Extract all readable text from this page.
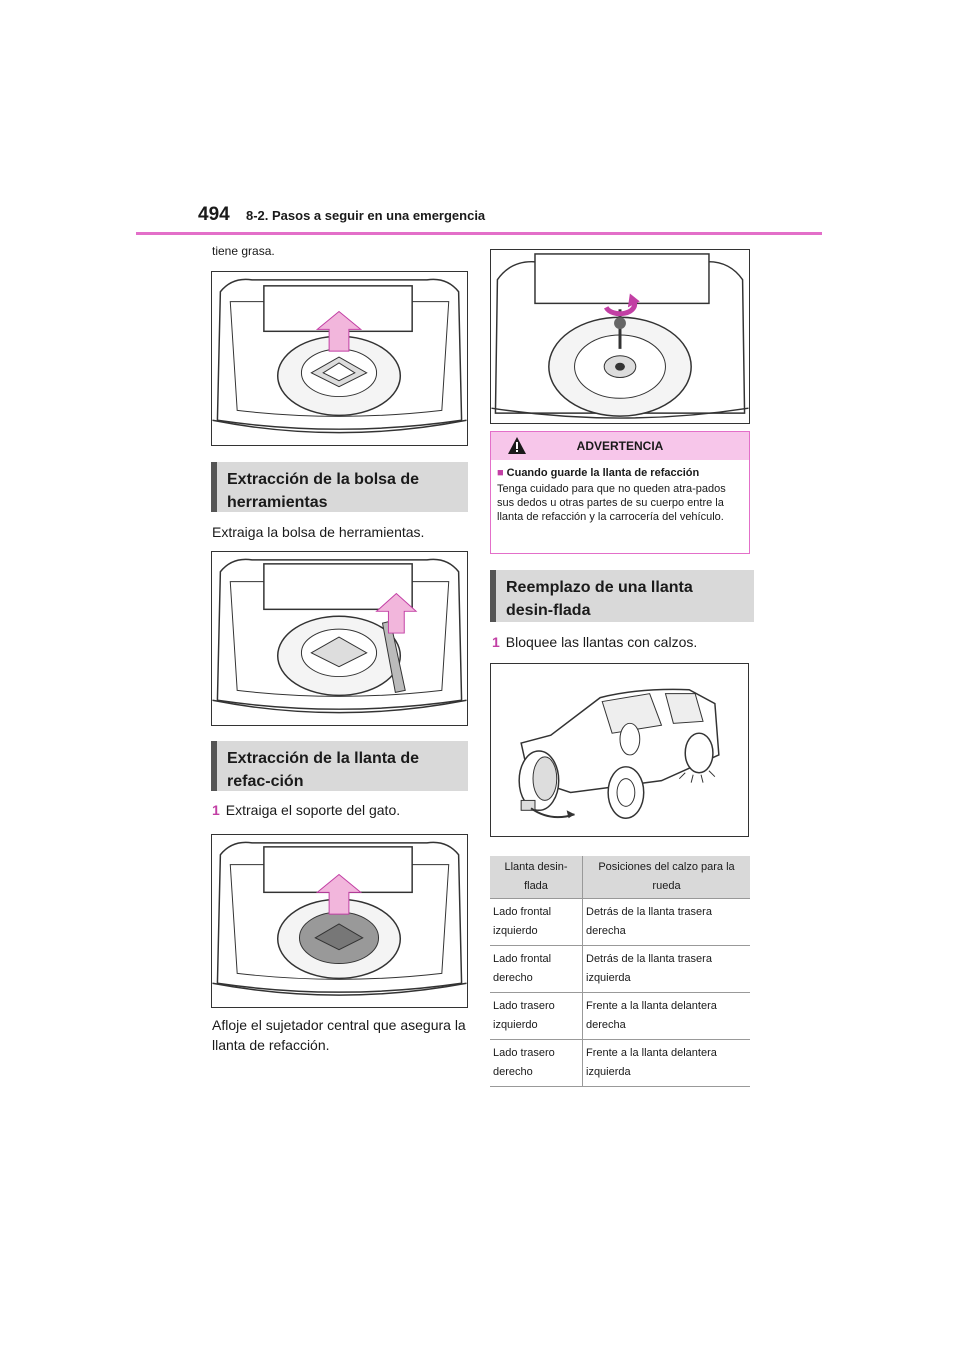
494 8-2. Pasos a seguir en una emergencia
tiene grasa.
Extracción de la bolsa de herramientas
Extraiga la bolsa de herramientas.
Extracción de la llanta de refac-ción
1 Extraiga el soporte del gato.
Afloje el sujetador central que asegura la llanta de refacción.
ADVERTENCIA
■ Cuando guarde la llanta de refacción
Tenga cuidado para que no queden atra-pados sus dedos u otras partes de su cuerpo entre la llanta de refacción y la carrocería del vehículo.
Reemplazo de una llanta desin-flada
1 Bloquee las llantas con calzos.
Llanta desin-flada	Posiciones del calzo para la rueda
Lado frontal izquierdo	Detrás de la llanta trasera derecha
Lado frontal derecho	Detrás de la llanta trasera izquierda
Lado trasero izquierdo	Frente a la llanta delantera derecha
Lado trasero derecho	Frente a la llanta delantera izquierda
